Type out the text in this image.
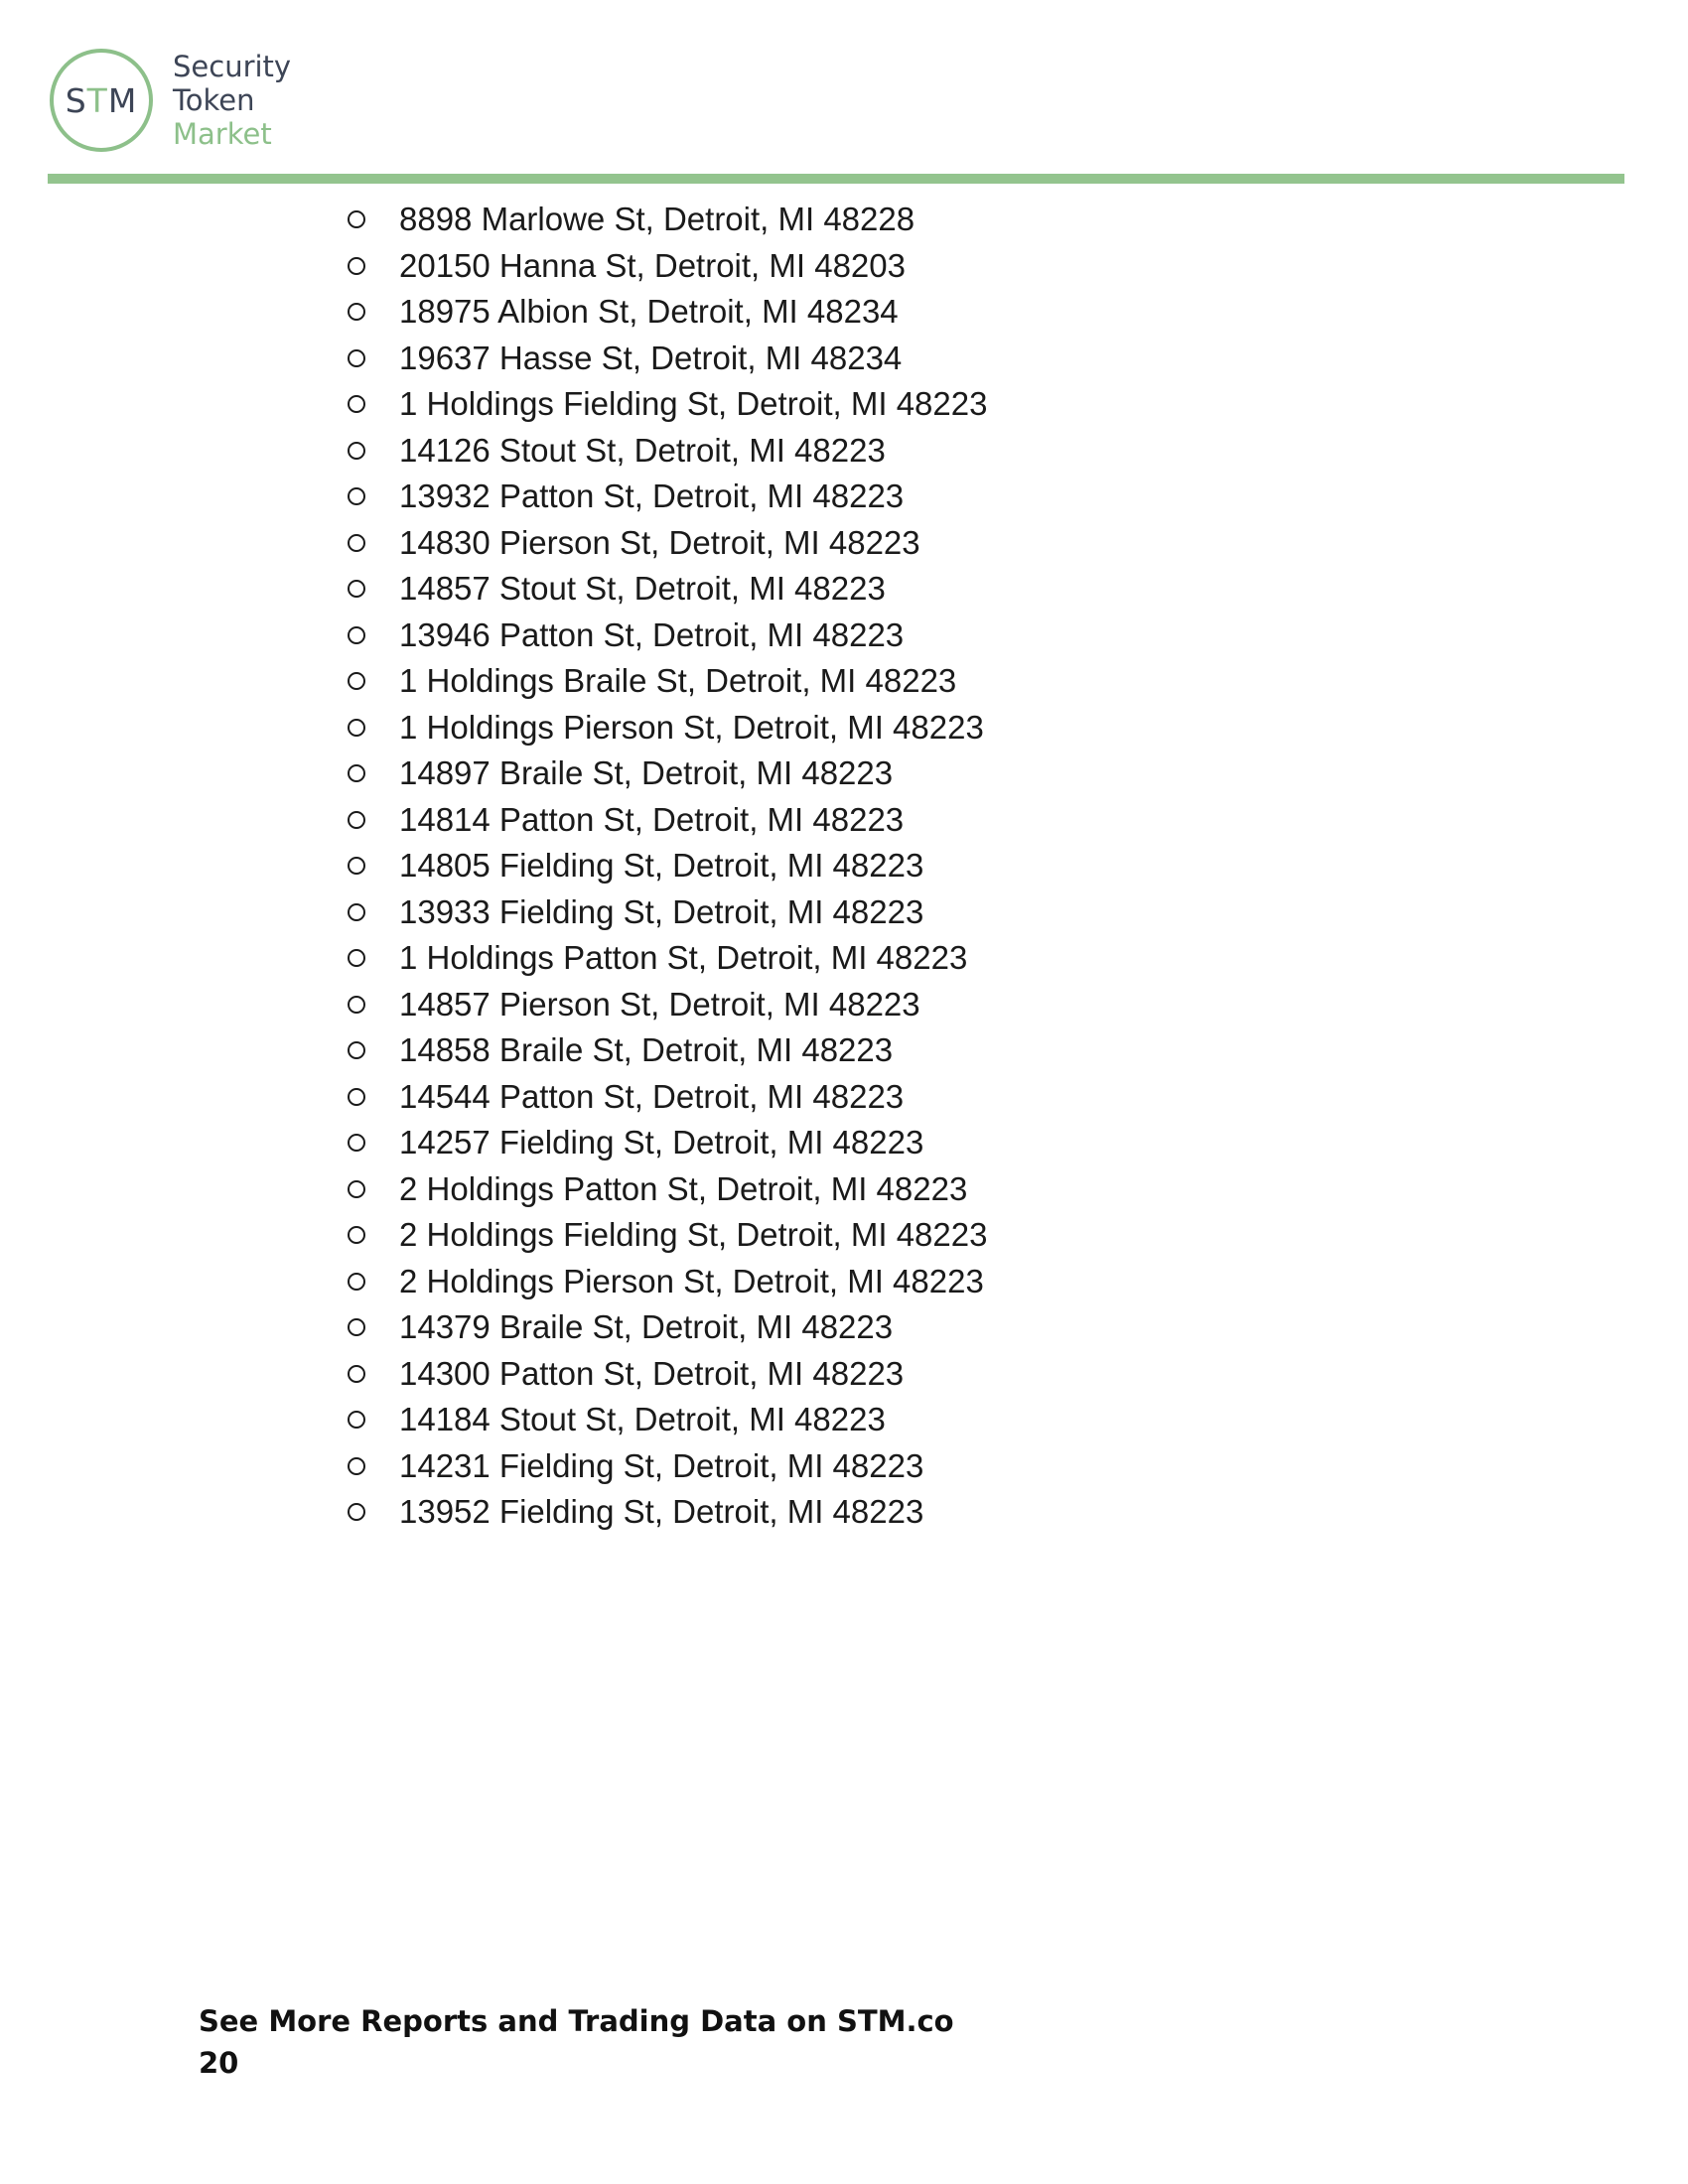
S T M
Security
Token
Market
8898 Marlowe St, Detroit, MI 48228
20150 Hanna St, Detroit, MI 48203
18975 Albion St, Detroit, MI 48234
19637 Hasse St, Detroit, MI 48234
1 Holdings Fielding St, Detroit, MI 48223
14126 Stout St, Detroit, MI 48223
13932 Patton St, Detroit, MI 48223
14830 Pierson St, Detroit, MI 48223
14857 Stout St, Detroit, MI 48223
13946 Patton St, Detroit, MI 48223
1 Holdings Braile St, Detroit, MI 48223
1 Holdings Pierson St, Detroit, MI 48223
14897 Braile St, Detroit, MI 48223
14814 Patton St, Detroit, MI 48223
14805 Fielding St, Detroit, MI 48223
13933 Fielding St, Detroit, MI 48223
1 Holdings Patton St, Detroit, MI 48223
14857 Pierson St, Detroit, MI 48223
14858 Braile St, Detroit, MI 48223
14544 Patton St, Detroit, MI 48223
14257 Fielding St, Detroit, MI 48223
2 Holdings Patton St, Detroit, MI 48223
2 Holdings Fielding St, Detroit, MI 48223
2 Holdings Pierson St, Detroit, MI 48223
14379 Braile St, Detroit, MI 48223
14300 Patton St, Detroit, MI 48223
14184 Stout St, Detroit, MI 48223
14231 Fielding St, Detroit, MI 48223
13952 Fielding St, Detroit, MI 48223
See More Reports and Trading Data on STM.co
20
